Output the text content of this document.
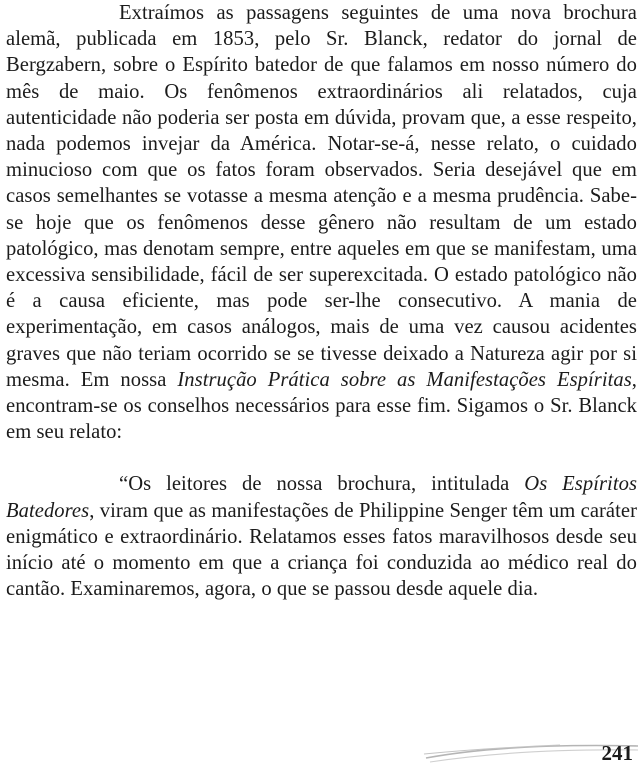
Extraímos as passagens seguintes de uma nova brochura alemã, publicada em 1853, pelo Sr. Blanck, redator do jornal de Bergzabern, sobre o Espírito batedor de que falamos em nosso número do mês de maio. Os fenômenos extraordinários ali relatados, cuja autenticidade não poderia ser posta em dúvida, provam que, a esse respeito, nada podemos invejar da América. Notar-se-á, nesse relato, o cuidado minucioso com que os fatos foram observados. Seria desejável que em casos semelhantes se votasse a mesma atenção e a mesma prudência. Sabe-se hoje que os fenômenos desse gênero não resultam de um estado patológico, mas denotam sempre, entre aqueles em que se manifestam, uma excessiva sensibilidade, fácil de ser superexcitada. O estado patológico não é a causa eficiente, mas pode ser-lhe consecutivo. A mania de experimentação, em casos análogos, mais de uma vez causou acidentes graves que não teriam ocorrido se se tivesse deixado a Natureza agir por si mesma. Em nossa Instrução Prática sobre as Manifestações Espíritas, encontram-se os conselhos necessários para esse fim. Sigamos o Sr. Blanck em seu relato:

“Os leitores de nossa brochura, intitulada Os Espíritos Batedores, viram que as manifestações de Philippine Senger têm um caráter enigmático e extraordinário. Relatamos esses fatos maravilhosos desde seu início até o momento em que a criança foi conduzida ao médico real do cantão. Examinaremos, agora, o que se passou desde aquele dia.

241
